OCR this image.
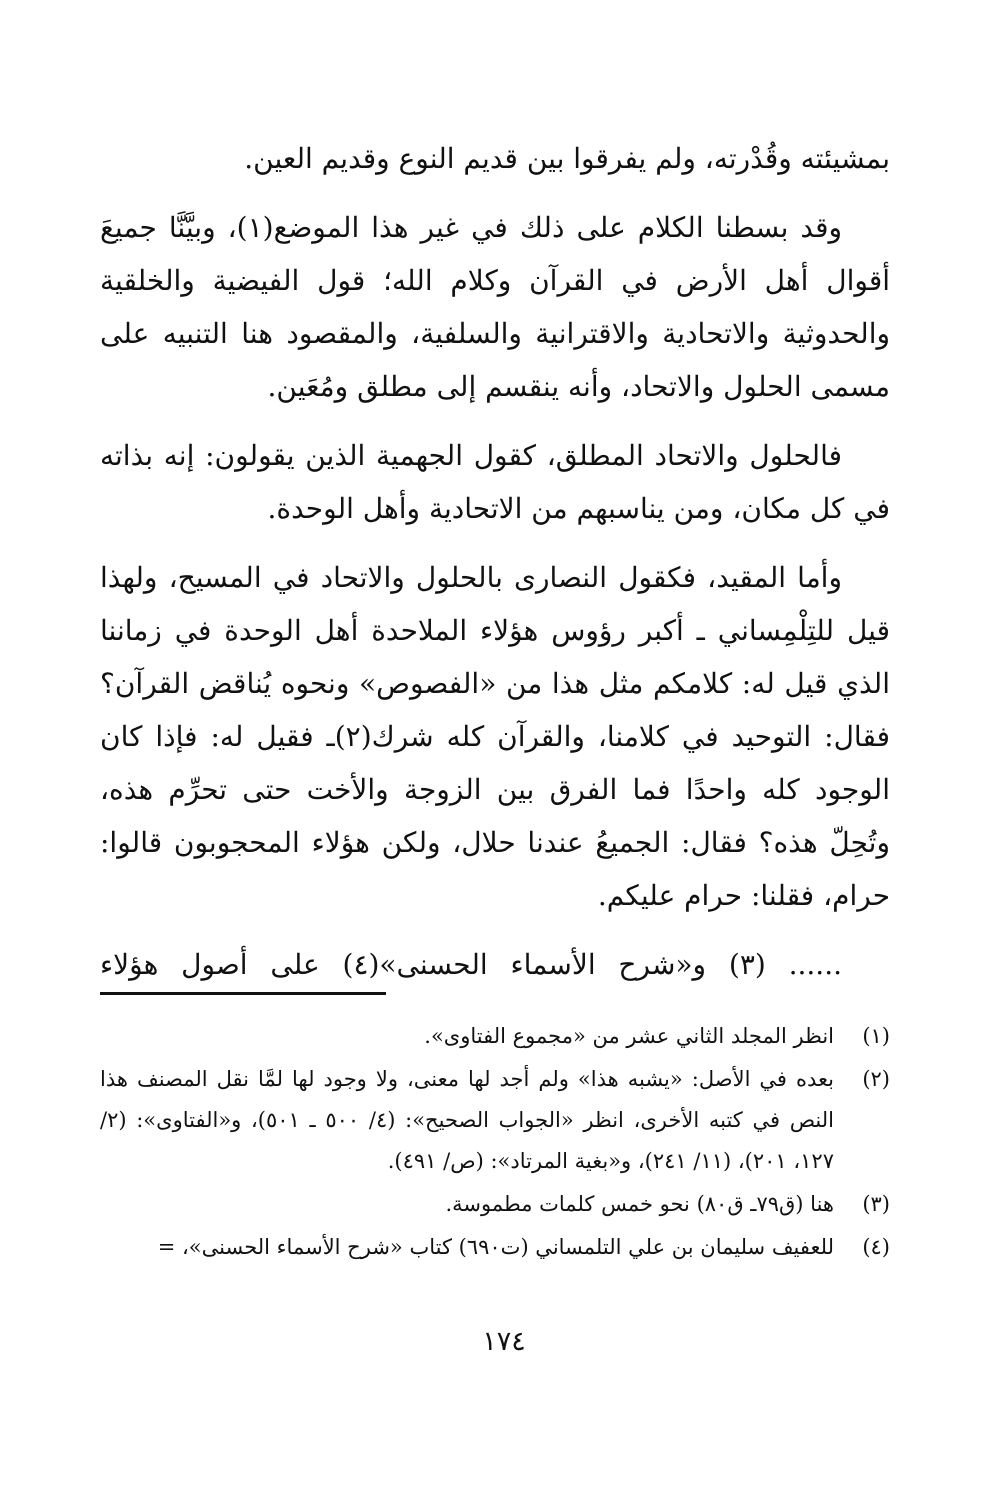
بمشيئته وقُدْرته، ولم يفرقوا بين قديم النوع وقديم العين.

وقد بسطنا الكلام على ذلك في غير هذا الموضع(١)، وبيَّنَّا جميعَ أقوال أهل الأرض في القرآن وكلام الله؛ قول الفيضية والخلقية والحدوثية والاتحادية والاقترانية والسلفية، والمقصود هنا التنبيه على مسمى الحلول والاتحاد، وأنه ينقسم إلى مطلق ومُعَين.

فالحلول والاتحاد المطلق، كقول الجهمية الذين يقولون: إنه بذاته في كل مكان، ومن يناسبهم من الاتحادية وأهل الوحدة.

وأما المقيد، فكقول النصارى بالحلول والاتحاد في المسيح، ولهذا قيل للتِلْمِساني ـ أكبر رؤوس هؤلاء الملاحدة أهل الوحدة في زماننا الذي قيل له: كلامكم مثل هذا من «الفصوص» ونحوه يُناقض القرآن؟ فقال: التوحيد في كلامنا، والقرآن كله شرك(٢)ـ فقيل له: فإذا كان الوجود كله واحدًا فما الفرق بين الزوجة والأخت حتى تحرِّم هذه، وتُحِلّ هذه؟ فقال: الجميعُ عندنا حلال، ولكن هؤلاء المحجوبون قالوا: حرام، فقلنا: حرام عليكم.

...... (٣) و«شرح الأسماء الحسنى»(٤) على أصول هؤلاء

(١)
انظر المجلد الثاني عشر من «مجموع الفتاوى».
(٢)
بعده في الأصل: «يشبه هذا» ولم أجد لها معنى، ولا وجود لها لمَّا نقل المصنف هذا النص في كتبه الأخرى، انظر «الجواب الصحيح»: (٤/ ٥٠٠ ـ ٥٠١)، و«الفتاوى»: (٢/ ١٢٧، ٢٠١)، (١١/ ٢٤١)، و«بغية المرتاد»: (ص/ ٤٩١).
(٣)
هنا (ق٧٩ـ ق٨٠) نحو خمس كلمات مطموسة.
(٤)
للعفيف سليمان بن علي التلمساني (ت٦٩٠) كتاب «شرح الأسماء الحسنى»، =
١٧٤
